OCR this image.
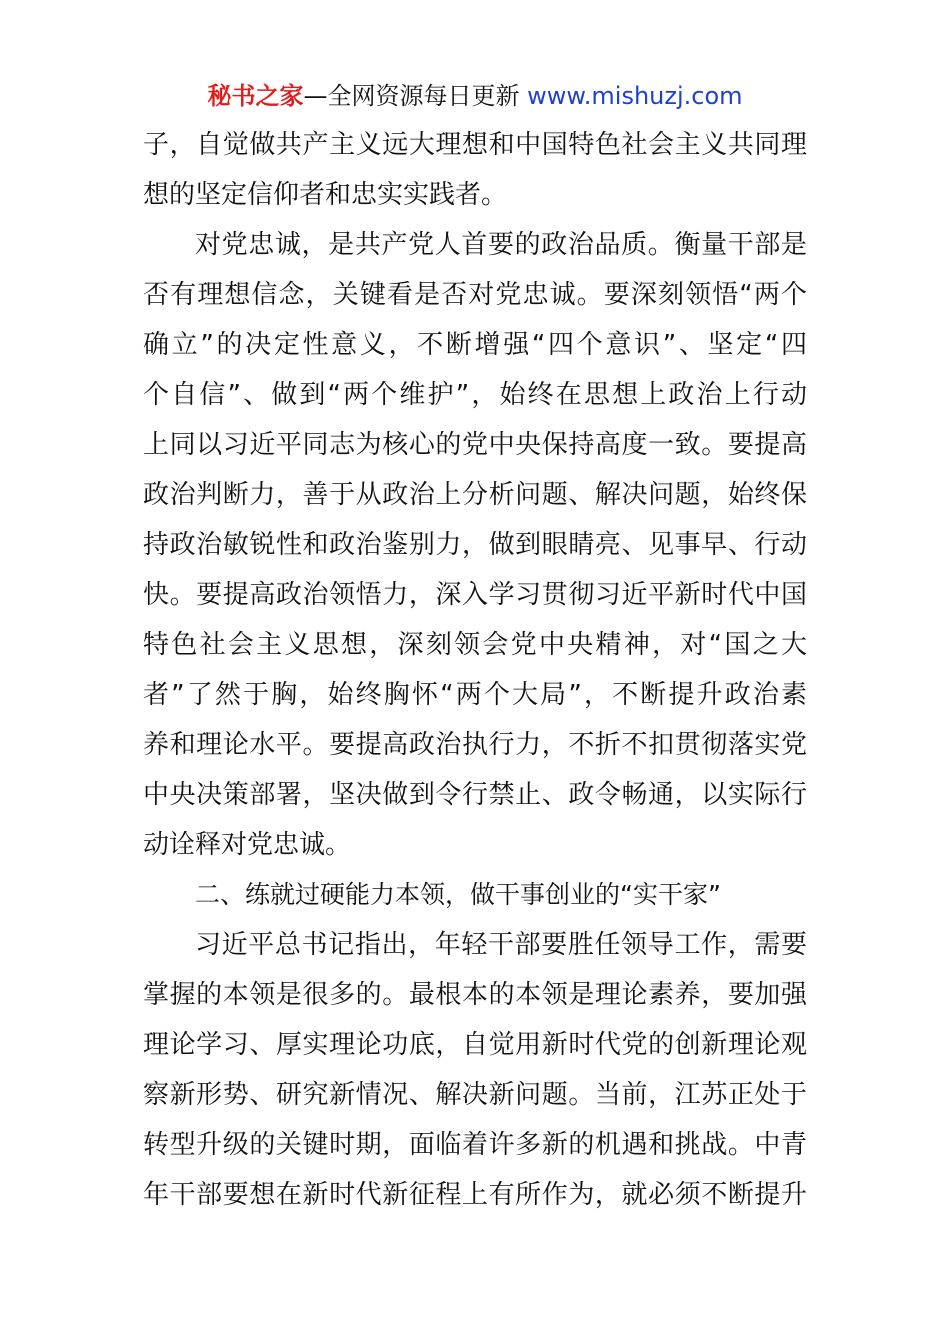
秘书之家—全网资源每日更新 www.mishuzj.com
子，自觉做共产主义远大理想和中国特色社会主义共同理
想的坚定信仰者和忠实实践者。
对党忠诚，是共产党人首要的政治品质。衡量干部是
否有理想信念，关键看是否对党忠诚。要深刻领悟“两个
确立”的决定性意义，不断增强“四个意识”、坚定“四
个自信”、做到“两个维护”，始终在思想上政治上行动
上同以习近平同志为核心的党中央保持高度一致。要提高
政治判断力，善于从政治上分析问题、解决问题，始终保
持政治敏锐性和政治鉴别力，做到眼睛亮、见事早、行动
快。要提高政治领悟力，深入学习贯彻习近平新时代中国
特色社会主义思想，深刻领会党中央精神，对“国之大
者”了然于胸，始终胸怀“两个大局”，不断提升政治素
养和理论水平。要提高政治执行力，不折不扣贯彻落实党
中央决策部署，坚决做到令行禁止、政令畅通，以实际行
动诠释对党忠诚。
二、练就过硬能力本领，做干事创业的“实干家”
习近平总书记指出，年轻干部要胜任领导工作，需要
掌握的本领是很多的。最根本的本领是理论素养，要加强
理论学习、厚实理论功底，自觉用新时代党的创新理论观
察新形势、研究新情况、解决新问题。当前，江苏正处于
转型升级的关键时期，面临着许多新的机遇和挑战。中青
年干部要想在新时代新征程上有所作为，就必须不断提升
